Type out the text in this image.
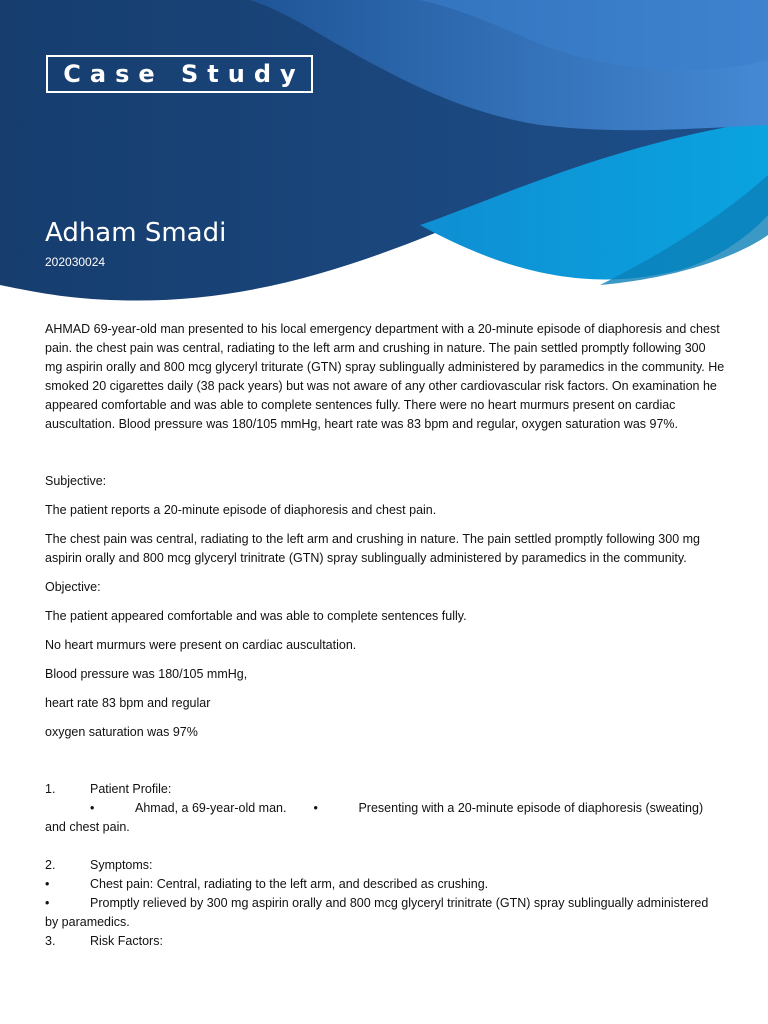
Case Study
Adham Smadi
202030024

AHMAD 69-year-old man presented to his local emergency department with a 20-minute episode of diaphoresis and chest pain. the chest pain was central, radiating to the left arm and crushing in nature. The pain settled promptly following 300 mg aspirin orally and 800 mcg glyceryl triturate (GTN) spray sublingually administered by paramedics in the community. He smoked 20 cigarettes daily (38 pack years) but was not aware of any other cardiovascular risk factors. On examination he appeared comfortable and was able to complete sentences fully. There were no heart murmurs present on cardiac auscultation. Blood pressure was 180/105 mmHg, heart rate was 83 bpm and regular, oxygen saturation was 97%.

Subjective:

The patient reports a 20-minute episode of diaphoresis and chest pain.

The chest pain was central, radiating to the left arm and crushing in nature. The pain settled promptly following 300 mg aspirin orally and 800 mcg glyceryl trinitrate (GTN) spray sublingually administered by paramedics in the community.

Objective:

The patient appeared comfortable and was able to complete sentences fully.

No heart murmurs were present on cardiac auscultation.

Blood pressure was 180/105 mmHg,

heart rate 83 bpm and regular

oxygen saturation was 97%

1.	Patient Profile:
•	Ahmad, a 69-year-old man. •	Presenting with a 20-minute episode of diaphoresis (sweating)
and chest pain.
2.	Symptoms:
•	Chest pain: Central, radiating to the left arm, and described as crushing.
•	Promptly relieved by 300 mg aspirin orally and 800 mcg glyceryl trinitrate (GTN) spray sublingually administered
by paramedics.
3.	Risk Factors:
